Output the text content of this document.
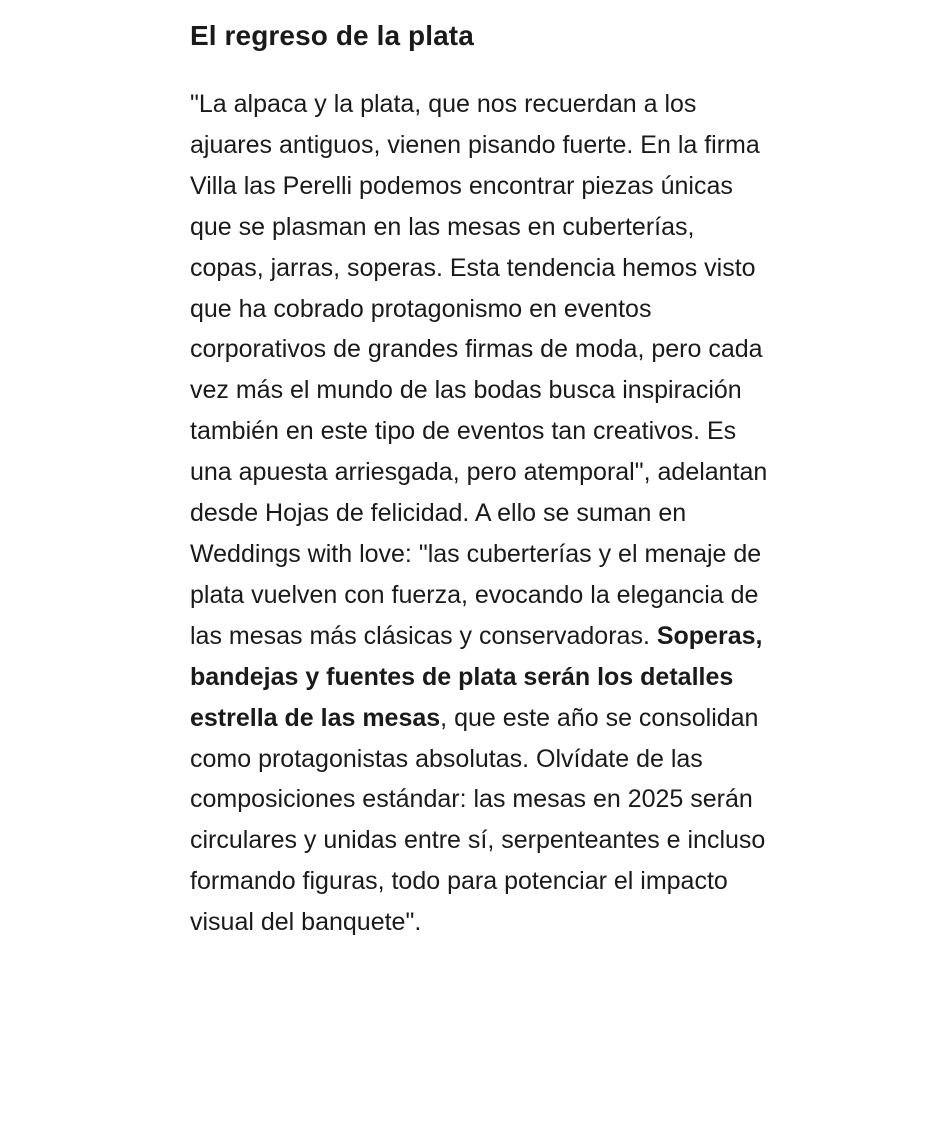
El regreso de la plata

"La alpaca y la plata, que nos recuerdan a los ajuares antiguos, vienen pisando fuerte. En la firma Villa las Perelli podemos encontrar piezas únicas que se plasman en las mesas en cuberterías, copas, jarras, soperas. Esta tendencia hemos visto que ha cobrado protagonismo en eventos corporativos de grandes firmas de moda, pero cada vez más el mundo de las bodas busca inspiración también en este tipo de eventos tan creativos. Es una apuesta arriesgada, pero atemporal", adelantan desde Hojas de felicidad. A ello se suman en Weddings with love: "las cuberterías y el menaje de plata vuelven con fuerza, evocando la elegancia de las mesas más clásicas y conservadoras. Soperas, bandejas y fuentes de plata serán los detalles estrella de las mesas, que este año se consolidan como protagonistas absolutas. Olvídate de las composiciones estándar: las mesas en 2025 serán circulares y unidas entre sí, serpenteantes e incluso formando figuras, todo para potenciar el impacto visual del banquete".
